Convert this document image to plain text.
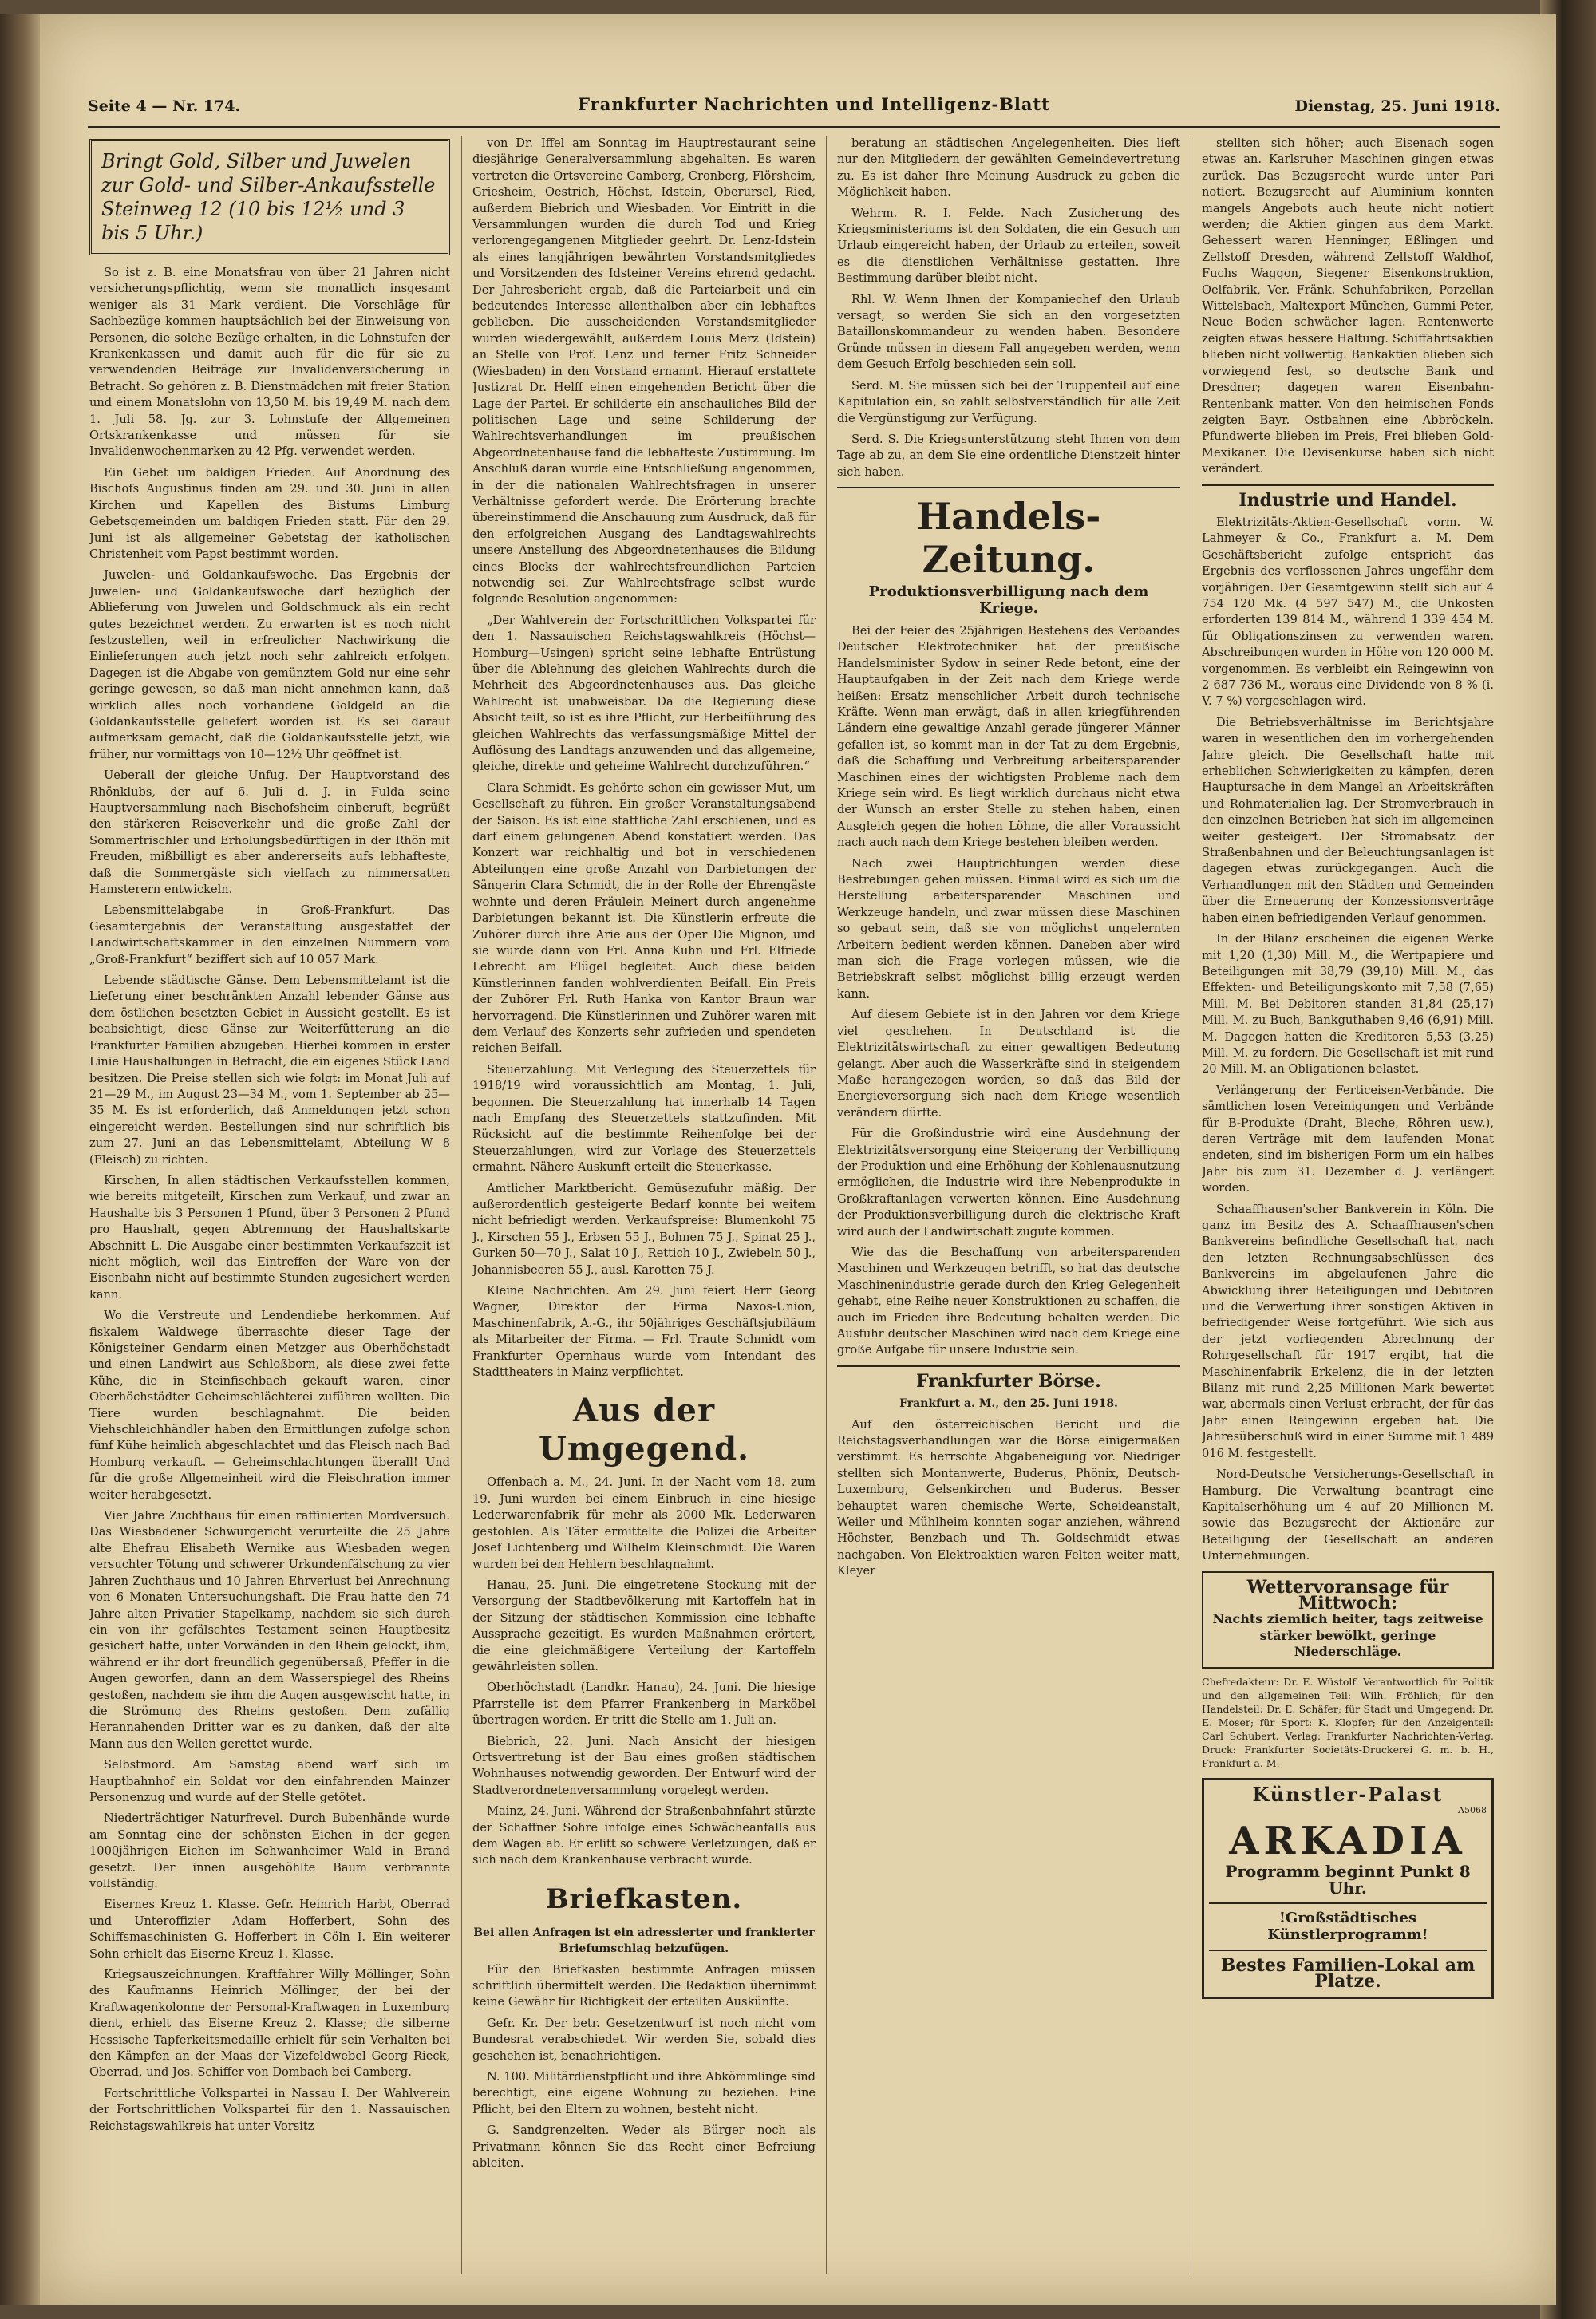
Seite 4 — Nr. 174.	Frankfurter Nachrichten und Intelligenz-Blatt	Dienstag, 25. Juni 1918.
Bringt Gold, Silber und Juwelen zur Gold- und Silber-Ankaufsstelle Steinweg 12 (10 bis 12½ und 3 bis 5 Uhr.)

So ist z. B. eine Monatsfrau von über 21 Jahren nicht versicherungspflichtig, wenn sie monatlich insgesamt weniger als 31 Mark verdient. Die Vorschläge für Sachbezüge kommen hauptsächlich bei der Einweisung von Personen, die solche Bezüge erhalten, in die Lohnstufen der Krankenkassen und damit auch für die für sie zu verwendenden Beiträge zur Invalidenversicherung in Betracht. So gehören z. B. Dienstmädchen mit freier Station und einem Monatslohn von 13,50 M. bis 19,49 M. nach dem 1. Juli 58. Jg. zur 3. Lohnstufe der Allgemeinen Ortskrankenkasse und müssen für sie Invalidenwochenmarken zu 42 Pfg. verwendet werden.

Ein Gebet um baldigen Frieden. Auf Anordnung des Bischofs Augustinus finden am 29. und 30. Juni in allen Kirchen und Kapellen des Bistums Limburg Gebetsgemeinden um baldigen Frieden statt. Für den 29. Juni ist als allgemeiner Gebetstag der katholischen Christenheit vom Papst bestimmt worden.

Juwelen- und Goldankaufswoche. Das Ergebnis der Juwelen- und Goldankaufswoche darf bezüglich der Ablieferung von Juwelen und Goldschmuck als ein recht gutes bezeichnet werden. Zu erwarten ist es noch nicht festzustellen, weil in erfreulicher Nachwirkung die Einlieferungen auch jetzt noch sehr zahlreich erfolgen. Dagegen ist die Abgabe von gemünztem Gold nur eine sehr geringe gewesen, so daß man nicht annehmen kann, daß wirklich alles noch vorhandene Goldgeld an die Goldankaufsstelle geliefert worden ist. Es sei darauf aufmerksam gemacht, daß die Goldankaufsstelle jetzt, wie früher, nur vormittags von 10—12½ Uhr geöffnet ist.

Ueberall der gleiche Unfug. Der Hauptvorstand des Rhönklubs, der auf 6. Juli d. J. in Fulda seine Hauptversammlung nach Bischofsheim einberuft, begrüßt den stärkeren Reiseverkehr und die große Zahl der Sommerfrischler und Erholungsbedürftigen in der Rhön mit Freuden, mißbilligt es aber andererseits aufs lebhafteste, daß die Sommergäste sich vielfach zu nimmersatten Hamsterern entwickeln.

Lebensmittelabgabe in Groß-Frankfurt. Das Gesamtergebnis der Veranstaltung ausgestattet der Landwirtschaftskammer in den einzelnen Nummern vom „Groß-Frankfurt“ beziffert sich auf 10 057 Mark.

Lebende städtische Gänse. Dem Lebensmittelamt ist die Lieferung einer beschränkten Anzahl lebender Gänse aus dem östlichen besetzten Gebiet in Aussicht gestellt. Es ist beabsichtigt, diese Gänse zur Weiterfütterung an die Frankfurter Familien abzugeben. Hierbei kommen in erster Linie Haushaltungen in Betracht, die ein eigenes Stück Land besitzen. Die Preise stellen sich wie folgt: im Monat Juli auf 21—29 M., im August 23—34 M., vom 1. September ab 25—35 M. Es ist erforderlich, daß Anmeldungen jetzt schon eingereicht werden. Bestellungen sind nur schriftlich bis zum 27. Juni an das Lebensmittelamt, Abteilung W 8 (Fleisch) zu richten.

Kirschen, In allen städtischen Verkaufsstellen kommen, wie bereits mitgeteilt, Kirschen zum Verkauf, und zwar an Haushalte bis 3 Personen 1 Pfund, über 3 Personen 2 Pfund pro Haushalt, gegen Abtrennung der Haushaltskarte Abschnitt L. Die Ausgabe einer bestimmten Verkaufszeit ist nicht möglich, weil das Eintreffen der Ware von der Eisenbahn nicht auf bestimmte Stunden zugesichert werden kann.

Wo die Verstreute und Lendendiebe herkommen. Auf fiskalem Waldwege überraschte dieser Tage der Königsteiner Gendarm einen Metzger aus Oberhöchstadt und einen Landwirt aus Schloßborn, als diese zwei fette Kühe, die in Steinfischbach gekauft waren, einer Oberhöchstädter Geheimschlächterei zuführen wollten. Die Tiere wurden beschlagnahmt. Die beiden Viehschleichhändler haben den Ermittlungen zufolge schon fünf Kühe heimlich abgeschlachtet und das Fleisch nach Bad Homburg verkauft. — Geheimschlachtungen überall! Und für die große Allgemeinheit wird die Fleischration immer weiter herabgesetzt.

Vier Jahre Zuchthaus für einen raffinierten Mordversuch. Das Wiesbadener Schwurgericht verurteilte die 25 Jahre alte Ehefrau Elisabeth Wernike aus Wiesbaden wegen versuchter Tötung und schwerer Urkundenfälschung zu vier Jahren Zuchthaus und 10 Jahren Ehrverlust bei Anrechnung von 6 Monaten Untersuchungshaft. Die Frau hatte den 74 Jahre alten Privatier Stapelkamp, nachdem sie sich durch ein von ihr gefälschtes Testament seinen Hauptbesitz gesichert hatte, unter Vorwänden in den Rhein gelockt, ihm, während er ihr dort freundlich gegenübersaß, Pfeffer in die Augen geworfen, dann an dem Wasserspiegel des Rheins gestoßen, nachdem sie ihm die Augen ausgewischt hatte, in die Strömung des Rheins gestoßen. Dem zufällig Herannahenden Dritter war es zu danken, daß der alte Mann aus den Wellen gerettet wurde.

Selbstmord. Am Samstag abend warf sich im Hauptbahnhof ein Soldat vor den einfahrenden Mainzer Personenzug und wurde auf der Stelle getötet.

Niederträchtiger Naturfrevel. Durch Bubenhände wurde am Sonntag eine der schönsten Eichen in der gegen 1000jährigen Eichen im Schwanheimer Wald in Brand gesetzt. Der innen ausgehöhlte Baum verbrannte vollständig.

Eisernes Kreuz 1. Klasse. Gefr. Heinrich Harbt, Oberrad und Unteroffizier Adam Hofferbert, Sohn des Schiffsmaschinisten G. Hofferbert in Cöln I. Ein weiterer Sohn erhielt das Eiserne Kreuz 1. Klasse.

Kriegsauszeichnungen. Kraftfahrer Willy Möllinger, Sohn des Kaufmanns Heinrich Möllinger, der bei der Kraftwagenkolonne der Personal-Kraftwagen in Luxemburg dient, erhielt das Eiserne Kreuz 2. Klasse; die silberne Hessische Tapferkeitsmedaille erhielt für sein Verhalten bei den Kämpfen an der Maas der Vizefeldwebel Georg Rieck, Oberrad, und Jos. Schiffer von Dombach bei Camberg.

Fortschrittliche Volkspartei in Nassau I. Der Wahlverein der Fortschrittlichen Volkspartei für den 1. Nassauischen Reichstagswahlkreis hat unter Vorsitz

von Dr. Iffel am Sonntag im Hauptrestaurant seine diesjährige Generalversammlung abgehalten. Es waren vertreten die Ortsvereine Camberg, Cronberg, Flörsheim, Griesheim, Oestrich, Höchst, Idstein, Oberursel, Ried, außerdem Biebrich und Wiesbaden. Vor Eintritt in die Versammlungen wurden die durch Tod und Krieg verlorengegangenen Mitglieder geehrt. Dr. Lenz-Idstein als eines langjährigen bewährten Vorstandsmitgliedes und Vorsitzenden des Idsteiner Vereins ehrend gedacht. Der Jahresbericht ergab, daß die Parteiarbeit und ein bedeutendes Interesse allenthalben aber ein lebhaftes geblieben. Die ausscheidenden Vorstandsmitglieder wurden wiedergewählt, außerdem Louis Merz (Idstein) an Stelle von Prof. Lenz und ferner Fritz Schneider (Wiesbaden) in den Vorstand ernannt. Hierauf erstattete Justizrat Dr. Helff einen eingehenden Bericht über die Lage der Partei. Er schilderte ein anschauliches Bild der politischen Lage und seine Schilderung der Wahlrechtsverhandlungen im preußischen Abgeordnetenhause fand die lebhafteste Zustimmung. Im Anschluß daran wurde eine Entschließung angenommen, in der die nationalen Wahlrechtsfragen in unserer Verhältnisse gefordert werde. Die Erörterung brachte übereinstimmend die Anschauung zum Ausdruck, daß für den erfolgreichen Ausgang des Landtagswahlrechts unsere Anstellung des Abgeordnetenhauses die Bildung eines Blocks der wahlrechtsfreundlichen Parteien notwendig sei. Zur Wahlrechtsfrage selbst wurde folgende Resolution angenommen:

„Der Wahlverein der Fortschrittlichen Volkspartei für den 1. Nassauischen Reichstagswahlkreis (Höchst—Homburg—Usingen) spricht seine lebhafte Entrüstung über die Ablehnung des gleichen Wahlrechts durch die Mehrheit des Abgeordnetenhauses aus. Das gleiche Wahlrecht ist unabweisbar. Da die Regierung diese Absicht teilt, so ist es ihre Pflicht, zur Herbeiführung des gleichen Wahlrechts das verfassungsmäßige Mittel der Auflösung des Landtags anzuwenden und das allgemeine, gleiche, direkte und geheime Wahlrecht durchzuführen.“

Clara Schmidt. Es gehörte schon ein gewisser Mut, um Gesellschaft zu führen. Ein großer Veranstaltungsabend der Saison. Es ist eine stattliche Zahl erschienen, und es darf einem gelungenen Abend konstatiert werden. Das Konzert war reichhaltig und bot in verschiedenen Abteilungen eine große Anzahl von Darbietungen der Sängerin Clara Schmidt, die in der Rolle der Ehrengäste wohnte und deren Fräulein Meinert durch angenehme Darbietungen bekannt ist. Die Künstlerin erfreute die Zuhörer durch ihre Arie aus der Oper Die Mignon, und sie wurde dann von Frl. Anna Kuhn und Frl. Elfriede Lebrecht am Flügel begleitet. Auch diese beiden Künstlerinnen fanden wohlverdienten Beifall. Ein Preis der Zuhörer Frl. Ruth Hanka von Kantor Braun war hervorragend. Die Künstlerinnen und Zuhörer waren mit dem Verlauf des Konzerts sehr zufrieden und spendeten reichen Beifall.

Steuerzahlung. Mit Verlegung des Steuerzettels für 1918/19 wird voraussichtlich am Montag, 1. Juli, begonnen. Die Steuerzahlung hat innerhalb 14 Tagen nach Empfang des Steuerzettels stattzufinden. Mit Rücksicht auf die bestimmte Reihenfolge bei der Steuerzahlungen, wird zur Vorlage des Steuerzettels ermahnt. Nähere Auskunft erteilt die Steuerkasse.

Amtlicher Marktbericht. Gemüsezufuhr mäßig. Der außerordentlich gesteigerte Bedarf konnte bei weitem nicht befriedigt werden. Verkaufspreise: Blumenkohl 75 J., Kirschen 55 J., Erbsen 55 J., Bohnen 75 J., Spinat 25 J., Gurken 50—70 J., Salat 10 J., Rettich 10 J., Zwiebeln 50 J., Johannisbeeren 55 J., ausl. Karotten 75 J.

Kleine Nachrichten. Am 29. Juni feiert Herr Georg Wagner, Direktor der Firma Naxos-Union, Maschinenfabrik, A.-G., ihr 50jähriges Geschäftsjubiläum als Mitarbeiter der Firma. — Frl. Traute Schmidt vom Frankfurter Opernhaus wurde vom Intendant des Stadttheaters in Mainz verpflichtet.

Aus der Umgegend.

Offenbach a. M., 24. Juni. In der Nacht vom 18. zum 19. Juni wurden bei einem Einbruch in eine hiesige Lederwarenfabrik für mehr als 2000 Mk. Lederwaren gestohlen. Als Täter ermittelte die Polizei die Arbeiter Josef Lichtenberg und Wilhelm Kleinschmidt. Die Waren wurden bei den Hehlern beschlagnahmt.

Hanau, 25. Juni. Die eingetretene Stockung mit der Versorgung der Stadtbevölkerung mit Kartoffeln hat in der Sitzung der städtischen Kommission eine lebhafte Aussprache gezeitigt. Es wurden Maßnahmen erörtert, die eine gleichmäßigere Verteilung der Kartoffeln gewährleisten sollen.

Oberhöchstadt (Landkr. Hanau), 24. Juni. Die hiesige Pfarrstelle ist dem Pfarrer Frankenberg in Marköbel übertragen worden. Er tritt die Stelle am 1. Juli an.

Biebrich, 22. Juni. Nach Ansicht der hiesigen Ortsvertretung ist der Bau eines großen städtischen Wohnhauses notwendig geworden. Der Entwurf wird der Stadtverordnetenversammlung vorgelegt werden.

Mainz, 24. Juni. Während der Straßenbahnfahrt stürzte der Schaffner Sohre infolge eines Schwächeanfalls aus dem Wagen ab. Er erlitt so schwere Verletzungen, daß er sich nach dem Krankenhause verbracht wurde.

Briefkasten.
Bei allen Anfragen ist ein adressierter und frankierter Briefumschlag beizufügen.

Für den Briefkasten bestimmte Anfragen müssen schriftlich übermittelt werden. Die Redaktion übernimmt keine Gewähr für Richtigkeit der erteilten Auskünfte.

Gefr. Kr. Der betr. Gesetzentwurf ist noch nicht vom Bundesrat verabschiedet. Wir werden Sie, sobald dies geschehen ist, benachrichtigen.

N. 100. Militärdienstpflicht und ihre Abkömmlinge sind berechtigt, eine eigene Wohnung zu beziehen. Eine Pflicht, bei den Eltern zu wohnen, besteht nicht.

G. Sandgrenzelten. Weder als Bürger noch als Privatmann können Sie das Recht einer Befreiung ableiten.

beratung an städtischen Angelegenheiten. Dies lieft nur den Mitgliedern der gewählten Gemeindevertretung zu. Es ist daher Ihre Meinung Ausdruck zu geben die Möglichkeit haben.

Wehrm. R. I. Felde. Nach Zusicherung des Kriegsministeriums ist den Soldaten, die ein Gesuch um Urlaub eingereicht haben, der Urlaub zu erteilen, soweit es die dienstlichen Verhältnisse gestatten. Ihre Bestimmung darüber bleibt nicht.

Rhl. W. Wenn Ihnen der Kompaniechef den Urlaub versagt, so werden Sie sich an den vorgesetzten Bataillonskommandeur zu wenden haben. Besondere Gründe müssen in diesem Fall angegeben werden, wenn dem Gesuch Erfolg beschieden sein soll.

Serd. M. Sie müssen sich bei der Truppenteil auf eine Kapitulation ein, so zahlt selbstverständlich für alle Zeit die Vergünstigung zur Verfügung.

Serd. S. Die Kriegsunterstützung steht Ihnen von dem Tage ab zu, an dem Sie eine ordentliche Dienstzeit hinter sich haben.

Handels-Zeitung.
Produktionsverbilligung nach dem Kriege.

Bei der Feier des 25jährigen Bestehens des Verbandes Deutscher Elektrotechniker hat der preußische Handelsminister Sydow in seiner Rede betont, eine der Hauptaufgaben in der Zeit nach dem Kriege werde heißen: Ersatz menschlicher Arbeit durch technische Kräfte. Wenn man erwägt, daß in allen kriegführenden Ländern eine gewaltige Anzahl gerade jüngerer Männer gefallen ist, so kommt man in der Tat zu dem Ergebnis, daß die Schaffung und Verbreitung arbeitersparender Maschinen eines der wichtigsten Probleme nach dem Kriege sein wird. Es liegt wirklich durchaus nicht etwa der Wunsch an erster Stelle zu stehen haben, einen Ausgleich gegen die hohen Löhne, die aller Voraussicht nach auch nach dem Kriege bestehen bleiben werden.

Nach zwei Hauptrichtungen werden diese Bestrebungen gehen müssen. Einmal wird es sich um die Herstellung arbeitersparender Maschinen und Werkzeuge handeln, und zwar müssen diese Maschinen so gebaut sein, daß sie von möglichst ungelernten Arbeitern bedient werden können. Daneben aber wird man sich die Frage vorlegen müssen, wie die Betriebskraft selbst möglichst billig erzeugt werden kann.

Auf diesem Gebiete ist in den Jahren vor dem Kriege viel geschehen. In Deutschland ist die Elektrizitätswirtschaft zu einer gewaltigen Bedeutung gelangt. Aber auch die Wasserkräfte sind in steigendem Maße herangezogen worden, so daß das Bild der Energieversorgung sich nach dem Kriege wesentlich verändern dürfte.

Für die Großindustrie wird eine Ausdehnung der Elektrizitätsversorgung eine Steigerung der Verbilligung der Produktion und eine Erhöhung der Kohlenausnutzung ermöglichen, die Industrie wird ihre Nebenprodukte in Großkraftanlagen verwerten können. Eine Ausdehnung der Produktionsverbilligung durch die elektrische Kraft wird auch der Landwirtschaft zugute kommen.

Wie das die Beschaffung von arbeitersparenden Maschinen und Werkzeugen betrifft, so hat das deutsche Maschinenindustrie gerade durch den Krieg Gelegenheit gehabt, eine Reihe neuer Konstruktionen zu schaffen, die auch im Frieden ihre Bedeutung behalten werden. Die Ausfuhr deutscher Maschinen wird nach dem Kriege eine große Aufgabe für unsere Industrie sein.

Frankfurter Börse.
Frankfurt a. M., den 25. Juni 1918.

Auf den österreichischen Bericht und die Reichstagsverhandlungen war die Börse einigermaßen verstimmt. Es herrschte Abgabeneigung vor. Niedriger stellten sich Montanwerte, Buderus, Phönix, Deutsch-Luxemburg, Gelsenkirchen und Buderus. Besser behauptet waren chemische Werte, Scheideanstalt, Weiler und Mühlheim konnten sogar anziehen, während Höchster, Benzbach und Th. Goldschmidt etwas nachgaben. Von Elektroaktien waren Felten weiter matt, Kleyer

stellten sich höher; auch Eisenach sogen etwas an. Karlsruher Maschinen gingen etwas zurück. Das Bezugsrecht wurde unter Pari notiert. Bezugsrecht auf Aluminium konnten mangels Angebots auch heute nicht notiert werden; die Aktien gingen aus dem Markt. Gehessert waren Henninger, Eßlingen und Zellstoff Dresden, während Zellstoff Waldhof, Fuchs Waggon, Siegener Eisenkonstruktion, Oelfabrik, Ver. Fränk. Schuhfabriken, Porzellan Wittelsbach, Maltexport München, Gummi Peter, Neue Boden schwächer lagen. Rentenwerte zeigten etwas bessere Haltung. Schiffahrtsaktien blieben nicht vollwertig. Bankaktien blieben sich vorwiegend fest, so deutsche Bank und Dresdner; dagegen waren Eisenbahn-Rentenbank matter. Von den heimischen Fonds zeigten Bayr. Ostbahnen eine Abbröckeln. Pfundwerte blieben im Preis, Frei blieben Gold-Mexikaner. Die Devisenkurse haben sich nicht verändert.

Industrie und Handel.

Elektrizitäts-Aktien-Gesellschaft vorm. W. Lahmeyer & Co., Frankfurt a. M. Dem Geschäftsbericht zufolge entspricht das Ergebnis des verflossenen Jahres ungefähr dem vorjährigen. Der Gesamtgewinn stellt sich auf 4 754 120 Mk. (4 597 547) M., die Unkosten erforderten 139 814 M., während 1 339 454 M. für Obligationszinsen zu verwenden waren. Abschreibungen wurden in Höhe von 120 000 M. vorgenommen. Es verbleibt ein Reingewinn von 2 687 736 M., woraus eine Dividende von 8 % (i. V. 7 %) vorgeschlagen wird.

Die Betriebsverhältnisse im Berichtsjahre waren in wesentlichen den im vorhergehenden Jahre gleich. Die Gesellschaft hatte mit erheblichen Schwierigkeiten zu kämpfen, deren Hauptursache in dem Mangel an Arbeitskräften und Rohmaterialien lag. Der Stromverbrauch in den einzelnen Betrieben hat sich im allgemeinen weiter gesteigert. Der Stromabsatz der Straßenbahnen und der Beleuchtungsanlagen ist dagegen etwas zurückgegangen. Auch die Verhandlungen mit den Städten und Gemeinden über die Erneuerung der Konzessionsverträge haben einen befriedigenden Verlauf genommen.

In der Bilanz erscheinen die eigenen Werke mit 1,20 (1,30) Mill. M., die Wertpapiere und Beteiligungen mit 38,79 (39,10) Mill. M., das Effekten- und Beteiligungskonto mit 7,58 (7,65) Mill. M. Bei Debitoren standen 31,84 (25,17) Mill. M. zu Buch, Bankguthaben 9,46 (6,91) Mill. M. Dagegen hatten die Kreditoren 5,53 (3,25) Mill. M. zu fordern. Die Gesellschaft ist mit rund 20 Mill. M. an Obligationen belastet.

Verlängerung der Ferticeisen-Verbände. Die sämtlichen losen Vereinigungen und Verbände für B-Produkte (Draht, Bleche, Röhren usw.), deren Verträge mit dem laufenden Monat endeten, sind im bisherigen Form um ein halbes Jahr bis zum 31. Dezember d. J. verlängert worden.

Schaaffhausen'scher Bankverein in Köln. Die ganz im Besitz des A. Schaaffhausen'schen Bankvereins befindliche Gesellschaft hat, nach den letzten Rechnungsabschlüssen des Bankvereins im abgelaufenen Jahre die Abwicklung ihrer Beteiligungen und Debitoren und die Verwertung ihrer sonstigen Aktiven in befriedigender Weise fortgeführt. Wie sich aus der jetzt vorliegenden Abrechnung der Rohrgesellschaft für 1917 ergibt, hat die Maschinenfabrik Erkelenz, die in der letzten Bilanz mit rund 2,25 Millionen Mark bewertet war, abermals einen Verlust erbracht, der für das Jahr einen Reingewinn ergeben hat. Die Jahresüberschuß wird in einer Summe mit 1 489 016 M. festgestellt.

Nord-Deutsche Versicherungs-Gesellschaft in Hamburg. Die Verwaltung beantragt eine Kapitalserhöhung um 4 auf 20 Millionen M. sowie das Bezugsrecht der Aktionäre zur Beteiligung der Gesellschaft an anderen Unternehmungen.

Wettervoransage für Mittwoch:
Nachts ziemlich heiter, tags zeitweise stärker bewölkt, geringe Niederschläge.
Chefredakteur: Dr. E. Wüstolf. Verantwortlich für Politik und den allgemeinen Teil: Wilh. Fröhlich; für den Handelsteil: Dr. E. Schäfer; für Stadt und Umgegend: Dr. E. Moser; für Sport: K. Klopfer; für den Anzeigenteil: Carl Schubert. Verlag: Frankfurter Nachrichten-Verlag. Druck: Frankfurter Societäts-Druckerei G. m. b. H., Frankfurt a. M.
Künstler-Palast
A5068
ARKADIA
Programm beginnt Punkt 8 Uhr.
!Großstädtisches Künstlerprogramm!
Bestes Familien-Lokal am Platze.
